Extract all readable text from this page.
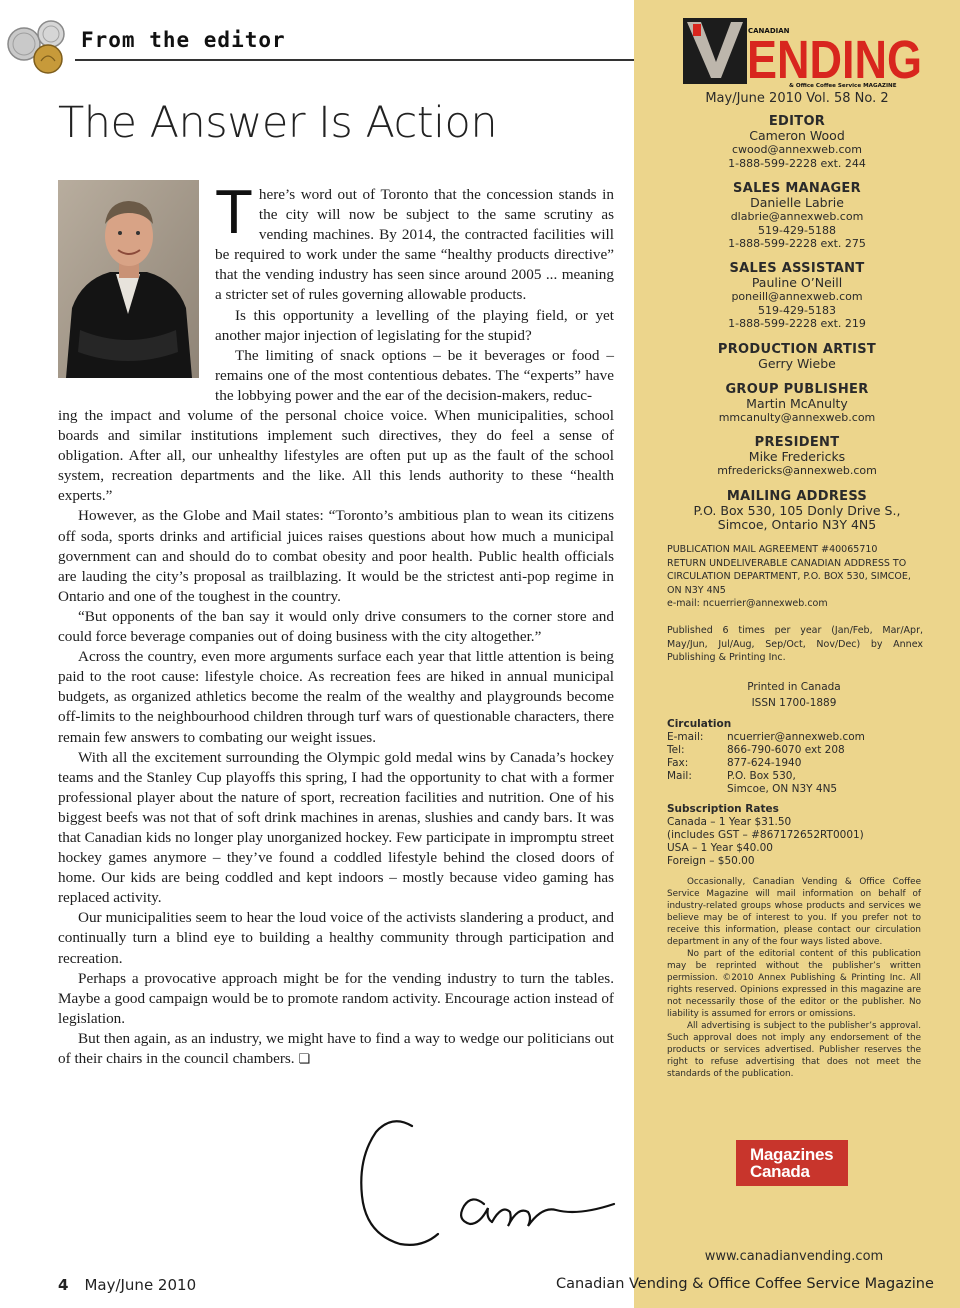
From the editor
The Answer Is Action

There’s word out of Toronto that the concession stands in the city will now be subject to the same scrutiny as vending machines. By 2014, the contracted facilities will be required to work under the same “healthy products directive” that the vending industry has seen since around 2005 ... meaning a stricter set of rules governing allowable products.

Is this opportunity a levelling of the playing field, or yet another major injection of legislating for the stupid?

The limiting of snack options – be it beverages or food – remains one of the most contentious debates. The “experts” have the lobbying power and the ear of the decision-makers, reduc-

ing the impact and volume of the personal choice voice. When municipalities, school boards and similar institutions implement such directives, they do feel a sense of obligation. After all, our unhealthy lifestyles are often put up as the fault of the school system, recreation departments and the like. All this lends authority to these “health experts.”

However, as the Globe and Mail states: “Toronto’s ambitious plan to wean its citizens off soda, sports drinks and artificial juices raises questions about how much a municipal government can and should do to combat obesity and poor health. Public health officials are lauding the city’s proposal as trailblazing. It would be the strictest anti-pop regime in Ontario and one of the toughest in the country.

“But opponents of the ban say it would only drive consumers to the corner store and could force beverage companies out of doing business with the city altogether.”

Across the country, even more arguments surface each year that little attention is being paid to the root cause: lifestyle choice. As recreation fees are hiked in annual municipal budgets, as organized athletics become the realm of the wealthy and playgrounds become off-limits to the neighbourhood children through turf wars of questionable characters, there remain few answers to combating our weight issues.

With all the excitement surrounding the Olympic gold medal wins by Canada’s hockey teams and the Stanley Cup playoffs this spring, I had the opportunity to chat with a former professional player about the nature of sport, recreation facilities and nutrition. One of his biggest beefs was not that of soft drink machines in arenas, slushies and candy bars. It was that Canadian kids no longer play unorganized hockey. Few participate in impromptu street hockey games anymore – they’ve found a coddled lifestyle behind the closed doors of home. Our kids are being coddled and kept indoors – mostly because video gaming has replaced activity.

Our municipalities seem to hear the loud voice of the activists slandering a product, and continually turn a blind eye to building a healthy community through participation and recreation.

Perhaps a provocative approach might be for the vending industry to turn the tables. Maybe a good campaign would be to promote random activity. Encourage action instead of legislation.

But then again, as an industry, we might have to find a way to wedge our politicians out of their chairs in the council chambers. ❏

4 May/June 2010	Canadian Vending & Office Coffee Service Magazine
CANADIAN
ENDING
& Office Coffee Service MAGAZINE
May/June 2010 Vol. 58 No. 2
EDITOR
Cameron Wood
cwood@annexweb.com
1-888-599-2228 ext. 244
SALES MANAGER
Danielle Labrie
dlabrie@annexweb.com
519-429-5188
1-888-599-2228 ext. 275
SALES ASSISTANT
Pauline O’Neill
poneill@annexweb.com
519-429-5183
1-888-599-2228 ext. 219
PRODUCTION ARTIST
Gerry Wiebe
GROUP PUBLISHER
Martin McAnulty
mmcanulty@annexweb.com
PRESIDENT
Mike Fredericks
mfredericks@annexweb.com
MAILING ADDRESS
P.O. Box 530, 105 Donly Drive S.,
Simcoe, Ontario N3Y 4N5
PUBLICATION MAIL AGREEMENT #40065710
RETURN UNDELIVERABLE CANADIAN ADDRESS TO
CIRCULATION DEPARTMENT, P.O. BOX 530, SIMCOE,
ON N3Y 4N5
e-mail: ncuerrier@annexweb.com
Published 6 times per year (Jan/Feb, Mar/Apr, May/Jun, Jul/Aug, Sep/Oct, Nov/Dec) by Annex Publishing & Printing Inc.
Printed in Canada
ISSN 1700-1889
Circulation
E-mail:	ncuerrier@annexweb.com
Tel:	866-790-6070 ext 208
Fax:	877-624-1940
Mail:	P.O. Box 530,
Simcoe, ON N3Y 4N5
Subscription Rates
Canada – 1 Year $31.50
(includes GST – #867172652RT0001)
USA – 1 Year $40.00
Foreign – $50.00

Occasionally, Canadian Vending & Office Coffee Service Magazine will mail information on behalf of industry-related groups whose products and services we believe may be of interest to you. If you prefer not to receive this information, please contact our circulation department in any of the four ways listed above.

No part of the editorial content of this publication may be reprinted without the publisher’s written permission. ©2010 Annex Publishing & Printing Inc. All rights reserved. Opinions expressed in this magazine are not necessarily those of the editor or the publisher. No liability is assumed for errors or omissions.

All advertising is subject to the publisher’s approval. Such approval does not imply any endorsement of the products or services advertised. Publisher reserves the right to refuse advertising that does not meet the standards of the publication.

Magazines
Canada
www.canadianvending.com
